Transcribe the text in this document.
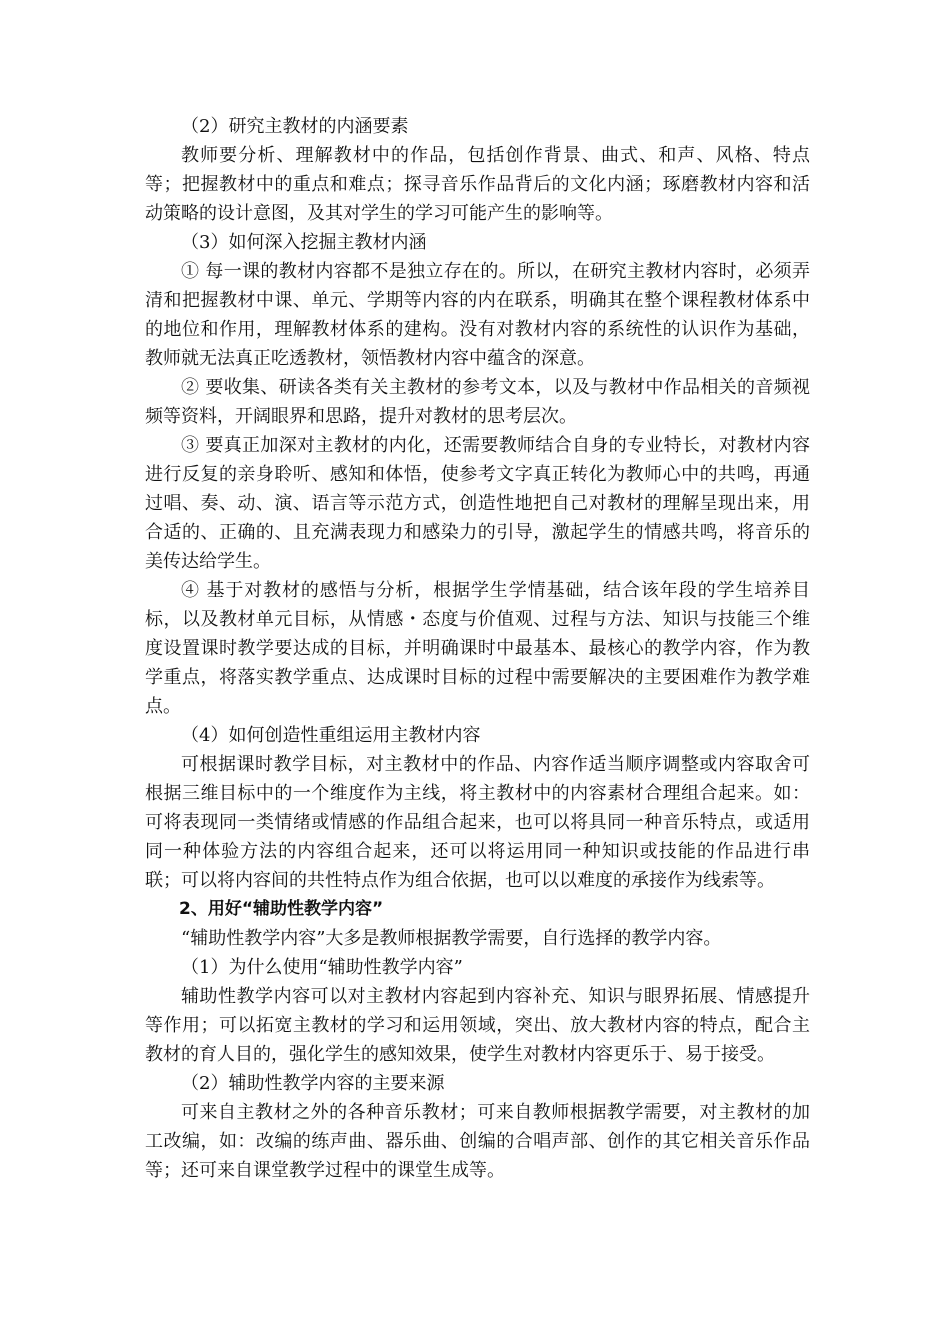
（2）研究主教材的内涵要素

教师要分析、理解教材中的作品，包括创作背景、曲式、和声、风格、特点等；把握教材中的重点和难点；探寻音乐作品背后的文化内涵；琢磨教材内容和活动策略的设计意图，及其对学生的学习可能产生的影响等。

（3）如何深入挖掘主教材内涵

① 每一课的教材内容都不是独立存在的。所以，在研究主教材内容时，必须弄清和把握教材中课、单元、学期等内容的内在联系，明确其在整个课程教材体系中的地位和作用，理解教材体系的建构。没有对教材内容的系统性的认识作为基础，教师就无法真正吃透教材，领悟教材内容中蕴含的深意。

② 要收集、研读各类有关主教材的参考文本，以及与教材中作品相关的音频视频等资料，开阔眼界和思路，提升对教材的思考层次。

③ 要真正加深对主教材的内化，还需要教师结合自身的专业特长，对教材内容进行反复的亲身聆听、感知和体悟，使参考文字真正转化为教师心中的共鸣，再通过唱、奏、动、演、语言等示范方式，创造性地把自己对教材的理解呈现出来，用合适的、正确的、且充满表现力和感染力的引导，激起学生的情感共鸣，将音乐的美传达给学生。

④ 基于对教材的感悟与分析，根据学生学情基础，结合该年段的学生培养目标，以及教材单元目标，从情感・态度与价值观、过程与方法、知识与技能三个维度设置课时教学要达成的目标，并明确课时中最基本、最核心的教学内容，作为教学重点，将落实教学重点、达成课时目标的过程中需要解决的主要困难作为教学难点。

（4）如何创造性重组运用主教材内容

可根据课时教学目标，对主教材中的作品、内容作适当顺序调整或内容取舍可根据三维目标中的一个维度作为主线，将主教材中的内容素材合理组合起来。如：可将表现同一类情绪或情感的作品组合起来，也可以将具同一种音乐特点，或适用同一种体验方法的内容组合起来，还可以将运用同一种知识或技能的作品进行串联；可以将内容间的共性特点作为组合依据，也可以以难度的承接作为线索等。

2、用好“辅助性教学内容”

“辅助性教学内容”大多是教师根据教学需要，自行选择的教学内容。

（1）为什么使用“辅助性教学内容”

辅助性教学内容可以对主教材内容起到内容补充、知识与眼界拓展、情感提升等作用；可以拓宽主教材的学习和运用领域，突出、放大教材内容的特点，配合主教材的育人目的，强化学生的感知效果，使学生对教材内容更乐于、易于接受。

（2）辅助性教学内容的主要来源

可来自主教材之外的各种音乐教材；可来自教师根据教学需要，对主教材的加工改编，如：改编的练声曲、器乐曲、创编的合唱声部、创作的其它相关音乐作品等；还可来自课堂教学过程中的课堂生成等。
